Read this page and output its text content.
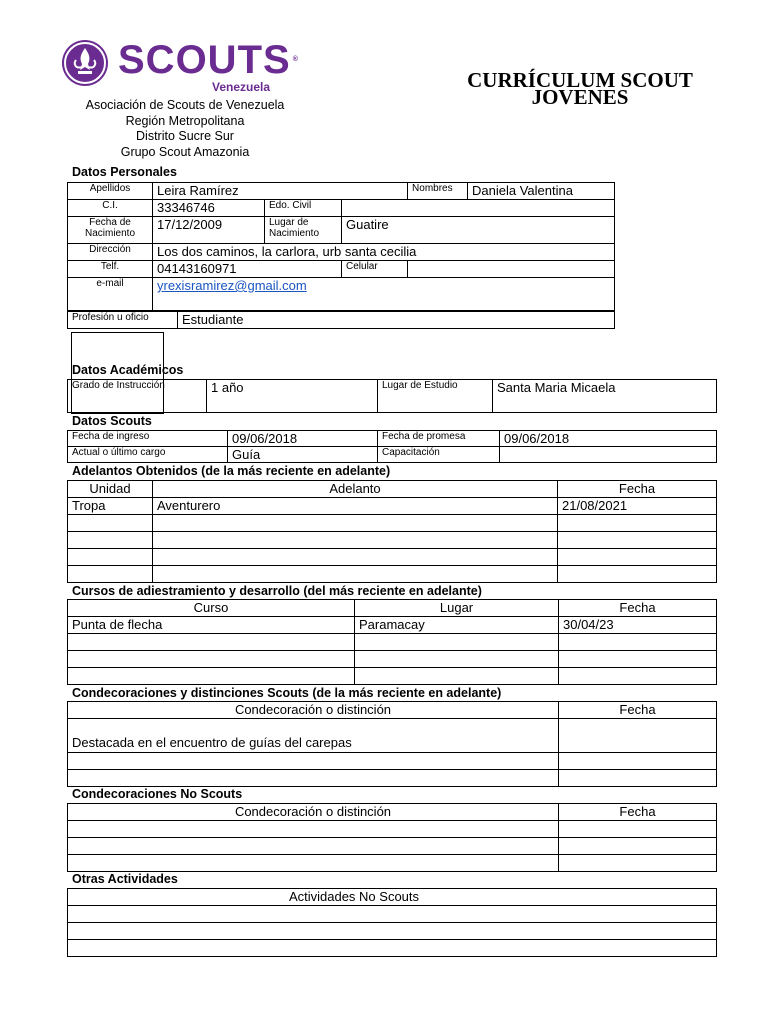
SCOUTS ®
Venezuela
Asociación de Scouts de Venezuela
Región Metropolitana
Distrito Sucre Sur
Grupo Scout Amazonia
CURRÍCULUM SCOUT
JOVENES
Datos Personales
Apellidos	Leira Ramírez			Nombres	Daniela Valentina
C.I.	33346746	Edo. Civil			
Fecha de Nacimiento	17/12/2009	Lugar de Nacimiento	Guatire		
Dirección	Los dos caminos, la carlora, urb santa cecilia				
Telf.	04143160971		Celular		
e-mail	yrexisramirez@gmail.com				
Profesión u oficio	Estudiante
Datos Académicos
Grado de Instrucción	1 año	Lugar de Estudio	Santa Maria Micaela
Datos Scouts
Fecha de ingreso	09/06/2018	Fecha de promesa	09/06/2018
Actual o último cargo	Guía	Capacitación	
Adelantos Obtenidos (de la más reciente en adelante)
Unidad	Adelanto	Fecha
Tropa	Aventurero	21/08/2021

Cursos de adiestramiento y desarrollo (del más reciente en adelante)
Curso	Lugar	Fecha
Punta de flecha	Paramacay	30/04/23

Condecoraciones y distinciones Scouts (de la más reciente en adelante)
Condecoración o distinción	Fecha
Destacada en el encuentro de guías del carepas	

Condecoraciones No Scouts
Condecoración o distinción	Fecha

Otras Actividades
Actividades No Scouts
